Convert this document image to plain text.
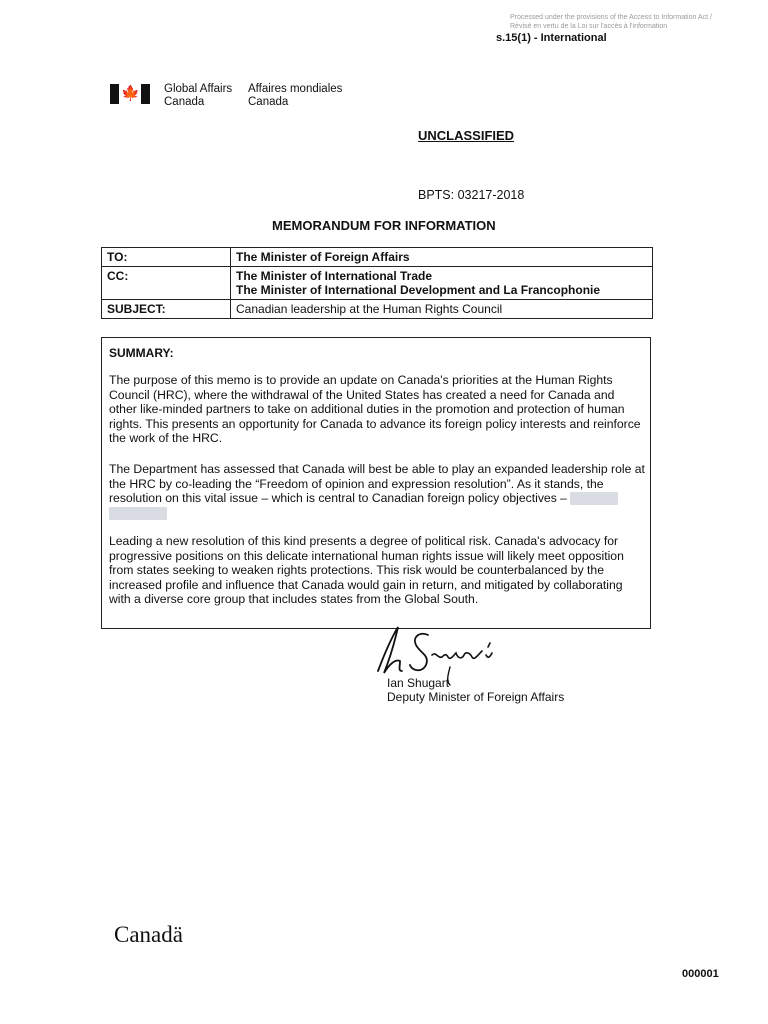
Processed under the provisions of the Access to Information Act /
Révisé en vertu de la Loi sur l'accès à l'information
s.15(1) - International
🍁 Global Affairs
Canada
Affaires mondiales
Canada
UNCLASSIFIED
BPTS: 03217-2018
MEMORANDUM FOR INFORMATION
TO:	The Minister of Foreign Affairs
CC:	The Minister of International Trade
The Minister of International Development and La Francophonie

SUBJECT:	Canadian leadership at the Human Rights Council
SUMMARY:
The purpose of this memo is to provide an update on Canada's priorities at the Human Rights Council (HRC), where the withdrawal of the United States has created a need for Canada and other like-minded partners to take on additional duties in the promotion and protection of human rights. This presents an opportunity for Canada to advance its foreign policy interests and reinforce the work of the HRC.
The Department has assessed that Canada will best be able to play an expanded leadership role at the HRC by co-leading the “Freedom of opinion and expression resolution”. As it stands, the resolution on this vital issue – which is central to Canadian foreign policy objectives –

Leading a new resolution of this kind presents a degree of political risk. Canada's advocacy for progressive positions on this delicate international human rights issue will likely meet opposition from states seeking to weaken rights protections. This risk would be counterbalanced by the increased profile and influence that Canada would gain in return, and mitigated by collaborating with a diverse core group that includes states from the Global South.
Ian Shugart
Deputy Minister of Foreign Affairs
Canadä
000001
